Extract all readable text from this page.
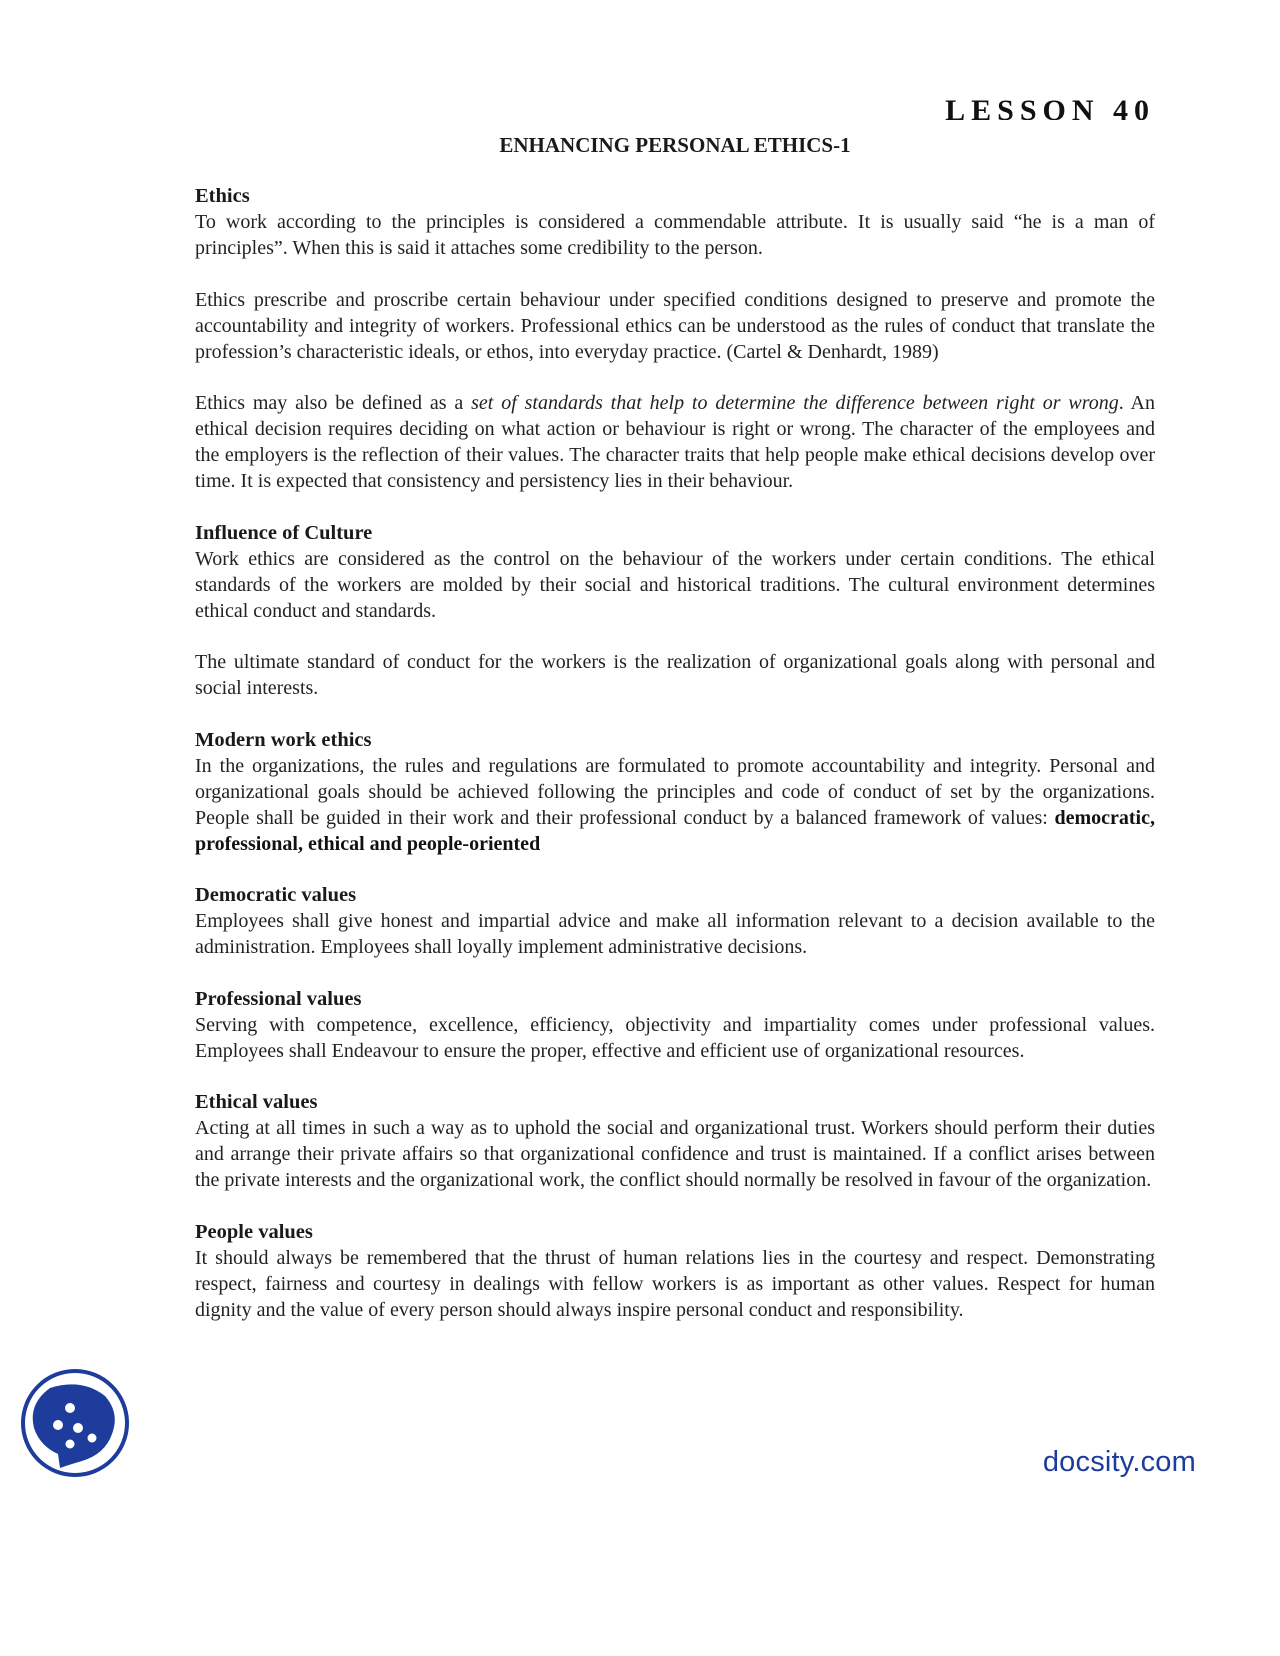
LESSON 40
ENHANCING PERSONAL ETHICS-1

Ethics

To work according to the principles is considered a commendable attribute. It is usually said “he is a man of principles”. When this is said it attaches some credibility to the person.

Ethics prescribe and proscribe certain behaviour under specified conditions designed to preserve and promote the accountability and integrity of workers. Professional ethics can be understood as the rules of conduct that translate the profession’s characteristic ideals, or ethos, into everyday practice. (Cartel & Denhardt, 1989)

Ethics may also be defined as a set of standards that help to determine the difference between right or wrong. An ethical decision requires deciding on what action or behaviour is right or wrong. The character of the employees and the employers is the reflection of their values. The character traits that help people make ethical decisions develop over time. It is expected that consistency and persistency lies in their behaviour.

Influence of Culture

Work ethics are considered as the control on the behaviour of the workers under certain conditions. The ethical standards of the workers are molded by their social and historical traditions. The cultural environment determines ethical conduct and standards.

The ultimate standard of conduct for the workers is the realization of organizational goals along with personal and social interests.

Modern work ethics

In the organizations, the rules and regulations are formulated to promote accountability and integrity. Personal and organizational goals should be achieved following the principles and code of conduct of set by the organizations. People shall be guided in their work and their professional conduct by a balanced framework of values: democratic, professional, ethical and people-oriented

Democratic values

Employees shall give honest and impartial advice and make all information relevant to a decision available to the administration. Employees shall loyally implement administrative decisions.

Professional values

Serving with competence, excellence, efficiency, objectivity and impartiality comes under professional values. Employees shall Endeavour to ensure the proper, effective and efficient use of organizational resources.

Ethical values

Acting at all times in such a way as to uphold the social and organizational trust. Workers should perform their duties and arrange their private affairs so that organizational confidence and trust is maintained. If a conflict arises between the private interests and the organizational work, the conflict should normally be resolved in favour of the organization.

People values

It should always be remembered that the thrust of human relations lies in the courtesy and respect. Demonstrating respect, fairness and courtesy in dealings with fellow workers is as important as other values. Respect for human dignity and the value of every person should always inspire personal conduct and responsibility.

docsity.com
